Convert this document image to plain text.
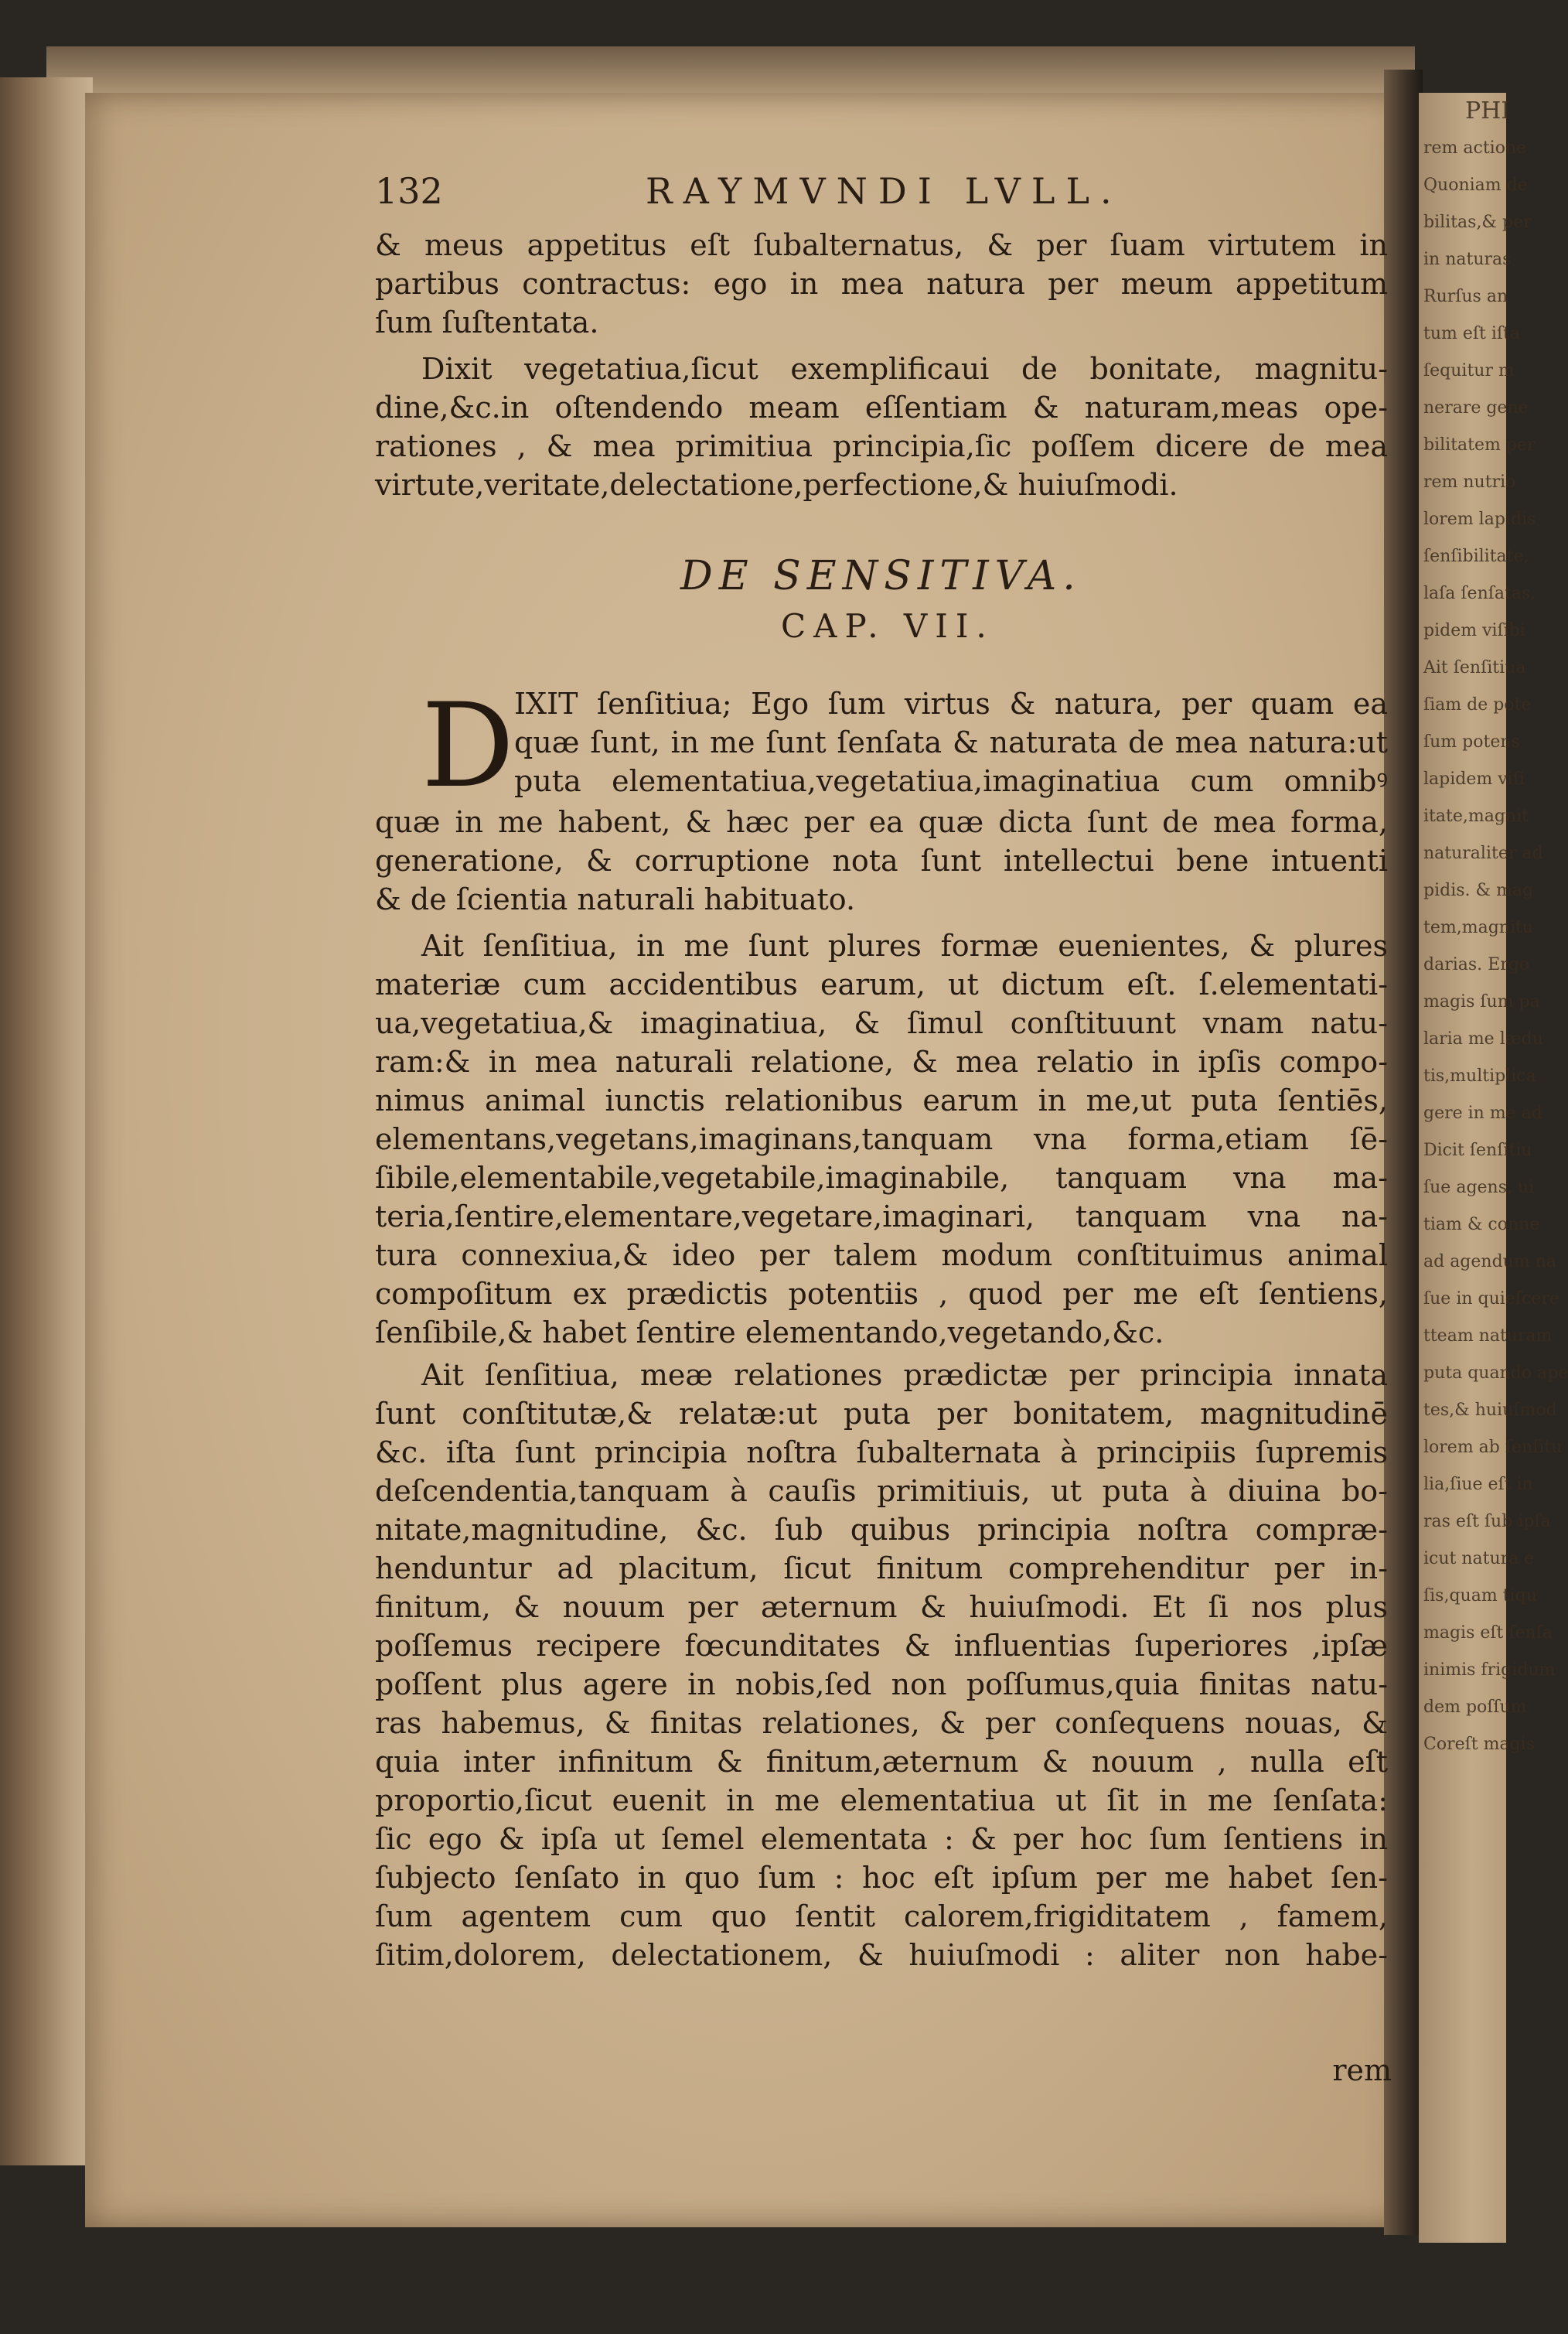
PHI
rem actione
Quoniam de
bilitas,& per
in naturas
Rurſus an
tum eſt iſta
ſequitur m
nerare gene
bilitatem per
rem nutrio
lorem lapidis
ſenſibilitate,
laſa ſenſatas,
pidem viſibi
Ait ſenſitiua
ſiam de pote
ſum potens
lapidem viſi
itate,magnit
naturaliter ad
pidis. & mag
tem,magnitu
darias. Ergo
magis ſum pa
laria me lædu
tis,multiplica
gere in me ad
Dicit ſenſitiu
ſue agens, ui
tiam & conne
ad agendum na
ſue in quieſcere
tteam naturam
puta quando ape
tes,& huiuſmod
lorem ab ſenſitu
lia,ſiue eſt in
ras eſt ſub ipſa
icut natura e
ſis,quam tiqu
magis eſt ſenſa
inimis frigidum
dem poſſum
Coreſt magis
132	RAYMVNDI LVLL.
& meus appetitus eſt ſubalternatus, & per ſuam virtutem in
partibus contractus: ego in mea natura per meum appetitum
ſum ſuſtentata.
Dixit vegetatiua,ſicut exemplificaui de bonitate, magnitu-
dine,&c.in oſtendendo meam eſſentiam & naturam,meas ope-
rationes , & mea primitiua principia,ſic poſſem dicere de mea
virtute,veritate,delectatione,perfectione,& huiuſmodi.
DE SENSITIVA.
CAP. VII.
D IXIT ſenſitiua; Ego ſum virtus & natura, per quam ea
quæ ſunt, in me ſunt ſenſata & naturata de mea natura:ut
puta elementatiua,vegetatiua,imaginatiua cum omnibꝰ
quæ in me habent, & hæc per ea quæ dicta ſunt de mea forma,
generatione, & corruptione nota ſunt intellectui bene intuenti
& de ſcientia naturali habituato.
Ait ſenſitiua, in me ſunt plures formæ euenientes, & plures
materiæ cum accidentibus earum, ut dictum eſt. ſ.elementati-
ua,vegetatiua,& imaginatiua, & ſimul conſtituunt vnam natu-
ram:& in mea naturali relatione, & mea relatio in ipſis compo-
nimus animal iunctis relationibus earum in me,ut puta ſentiēs,
elementans,vegetans,imaginans,tanquam vna forma,etiam ſē-
ſibile,elementabile,vegetabile,imaginabile, tanquam vna ma-
teria,ſentire,elementare,vegetare,imaginari, tanquam vna na-
tura connexiua,& ideo per talem modum conſtituimus animal
compoſitum ex prædictis potentiis , quod per me eſt ſentiens,
ſenſibile,& habet ſentire elementando,vegetando,&c.
Ait ſenſitiua, meæ relationes prædictæ per principia innata
ſunt conſtitutæ,& relatæ:ut puta per bonitatem, magnitudinē
&c. iſta ſunt principia noſtra ſubalternata à principiis ſupremis
deſcendentia,tanquam à cauſis primitiuis, ut puta à diuina bo-
nitate,magnitudine, &c. ſub quibus principia noſtra compræ-
henduntur ad placitum, ſicut finitum comprehenditur per in-
finitum, & nouum per æternum & huiuſmodi. Et ſi nos plus
poſſemus recipere fœcunditates & influentias ſuperiores ,ipſæ
poſſent plus agere in nobis,ſed non poſſumus,quia finitas natu-
ras habemus, & finitas relationes, & per conſequens nouas, &
quia inter infinitum & finitum,æternum & nouum , nulla eſt
proportio,ſicut euenit in me elementatiua ut ſit in me ſenſata:
ſic ego & ipſa ut ſemel elementata : & per hoc ſum ſentiens in
ſubjecto ſenſato in quo ſum : hoc eſt ipſum per me habet ſen-
ſum agentem cum quo ſentit calorem,frigiditatem , famem,
ſitim,dolorem, delectationem, & huiuſmodi : aliter non habe-
rem
